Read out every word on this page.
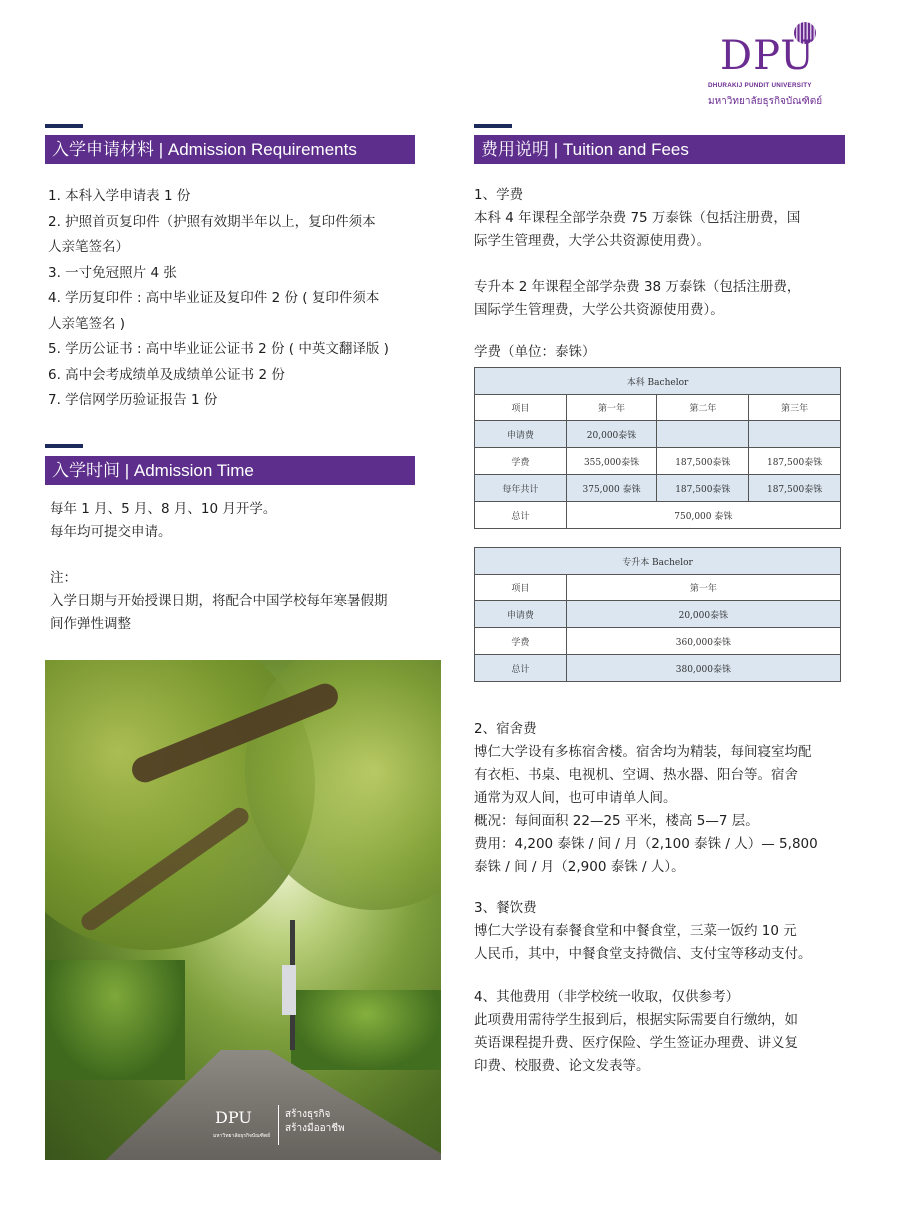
DPU
DHURAKIJ PUNDIT UNIVERSITY
มหาวิทยาลัยธุรกิจบัณฑิตย์
入学申请材料 | Admission Requirements
1. 本科入学申请表 1 份
2. 护照首页复印件（护照有效期半年以上，复印件须本
人亲笔签名）
3. 一寸免冠照片 4 张
4. 学历复印件 : 高中毕业证及复印件 2 份 ( 复印件须本
人亲笔签名 )
5. 学历公证书 : 高中毕业证公证书 2 份 ( 中英文翻译版 )
6. 高中会考成绩单及成绩单公证书 2 份
7. 学信网学历验证报告 1 份
入学时间 | Admission Time

每年 1 月、5 月、8 月、10 月开学。

每年均可提交申请。

注：

入学日期与开始授课日期，将配合中国学校每年寒暑假期

间作弹性调整

DPU
มหาวิทยาลัยธุรกิจบัณฑิตย์
สร้างธุรกิจ
สร้างมืออาชีพ
费用说明 | Tuition and Fees

1、学费

本科 4 年课程全部学杂费 75 万泰铢（包括注册费，国

际学生管理费，大学公共资源使用费）。

专升本 2 年课程全部学杂费 38 万泰铢（包括注册费，

国际学生管理费，大学公共资源使用费）。

学费（单位：泰铢）

本科 Bachelor			
项目	第一年	第二年	第三年
申请费	20,000泰铢		
学费	355,000泰铢	187,500泰铢	187,500泰铢
每年共计	375,000 泰铢	187,500泰铢	187,500泰铢
总计	750,000 泰铢		
专升本 Bachelor	
项目	第一年
申请费	20,000泰铢
学费	360,000泰铢
总计	380,000泰铢

2、宿舍费

博仁大学设有多栋宿舍楼。宿舍均为精装，每间寝室均配

有衣柜、书桌、电视机、空调、热水器、阳台等。宿舍

通常为双人间，也可申请单人间。

概况：每间面积 22—25 平米，楼高 5—7 层。

费用：4,200 泰铢 / 间 / 月（2,100 泰铢 / 人）— 5,800

泰铢 / 间 / 月（2,900 泰铢 / 人）。

3、餐饮费

博仁大学设有泰餐食堂和中餐食堂，三菜一饭约 10 元

人民币，其中，中餐食堂支持微信、支付宝等移动支付。

4、其他费用（非学校统一收取，仅供参考）

此项费用需待学生报到后，根据实际需要自行缴纳，如

英语课程提升费、医疗保险、学生签证办理费、讲义复

印费、校服费、论文发表等。
